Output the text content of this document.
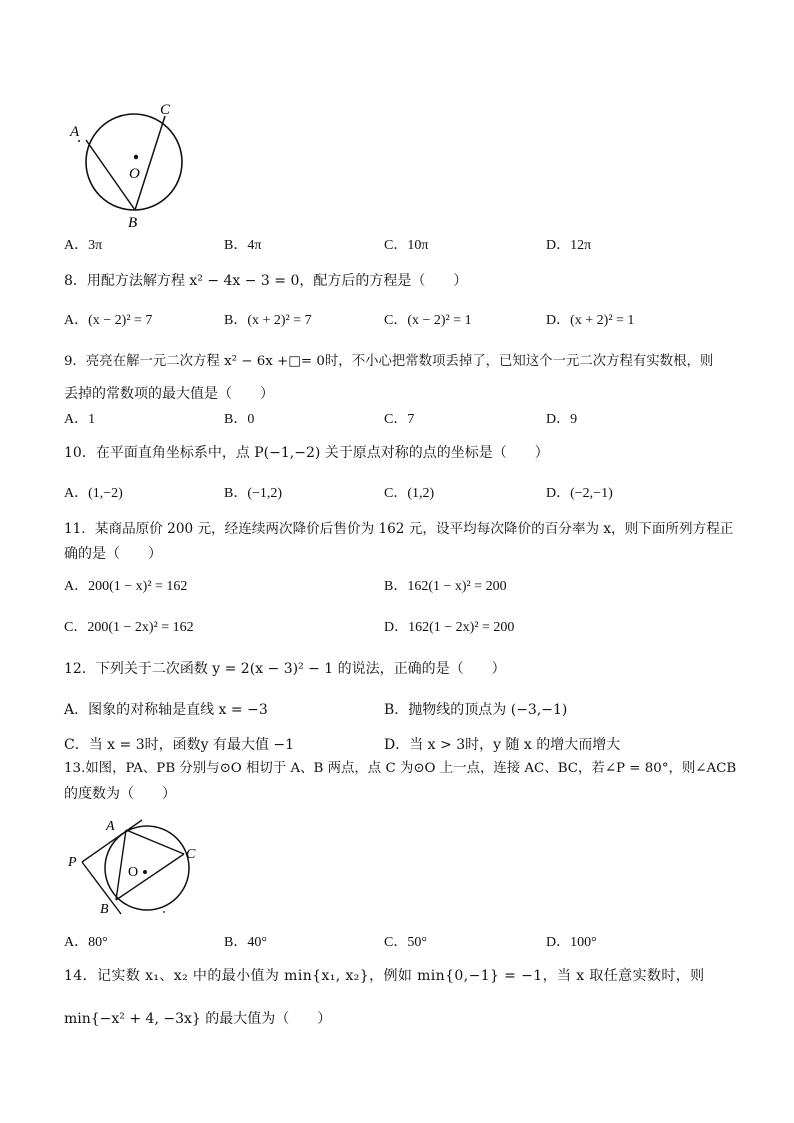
A
C
O
B
A．3π	B．4π	C．10π	D．12π
8．用配方法解方程 x² − 4x − 3 = 0，配方后的方程是（　　）
A．(x − 2)² = 7	B．(x + 2)² = 7	C．(x − 2)² = 1	D．(x + 2)² = 1
9．亮亮在解一元二次方程 x² − 6x +□= 0时，不小心把常数项丢掉了，已知这个一元二次方程有实数根，则
丢掉的常数项的最大值是（　　）
A．1	B．0	C．7	D．9
10．在平面直角坐标系中，点 P(−1,−2) 关于原点对称的点的坐标是（　　）
A．(1,−2)	B．(−1,2)	C．(1,2)	D．(−2,−1)
11．某商品原价 200 元，经连续两次降价后售价为 162 元，设平均每次降价的百分率为 x，则下面所列方程正
确的是（　　）
A．200(1 − x)² = 162	B．162(1 − x)² = 200
C．200(1 − 2x)² = 162	D．162(1 − 2x)² = 200
12．下列关于二次函数 y = 2(x − 3)² − 1 的说法，正确的是（　　）
A．图象的对称轴是直线 x = −3	B．抛物线的顶点为 (−3,−1)
C．当 x = 3时，函数y 有最大值 −1	D．当 x > 3时，y 随 x 的增大而增大
13.如图，PA、PB 分别与⊙O 相切于 A、B 两点，点 C 为⊙O 上一点，连接 AC、BC，若∠P = 80°，则∠ACB
的度数为（　　）
A
P
C
B
O
A．80°	B．40°	C．50°	D．100°
14．记实数 x₁、x₂ 中的最小值为 min{x₁, x₂}，例如 min{0,−1} = −1，当 x 取任意实数时，则
min{−x² + 4, −3x} 的最大值为（　　）
